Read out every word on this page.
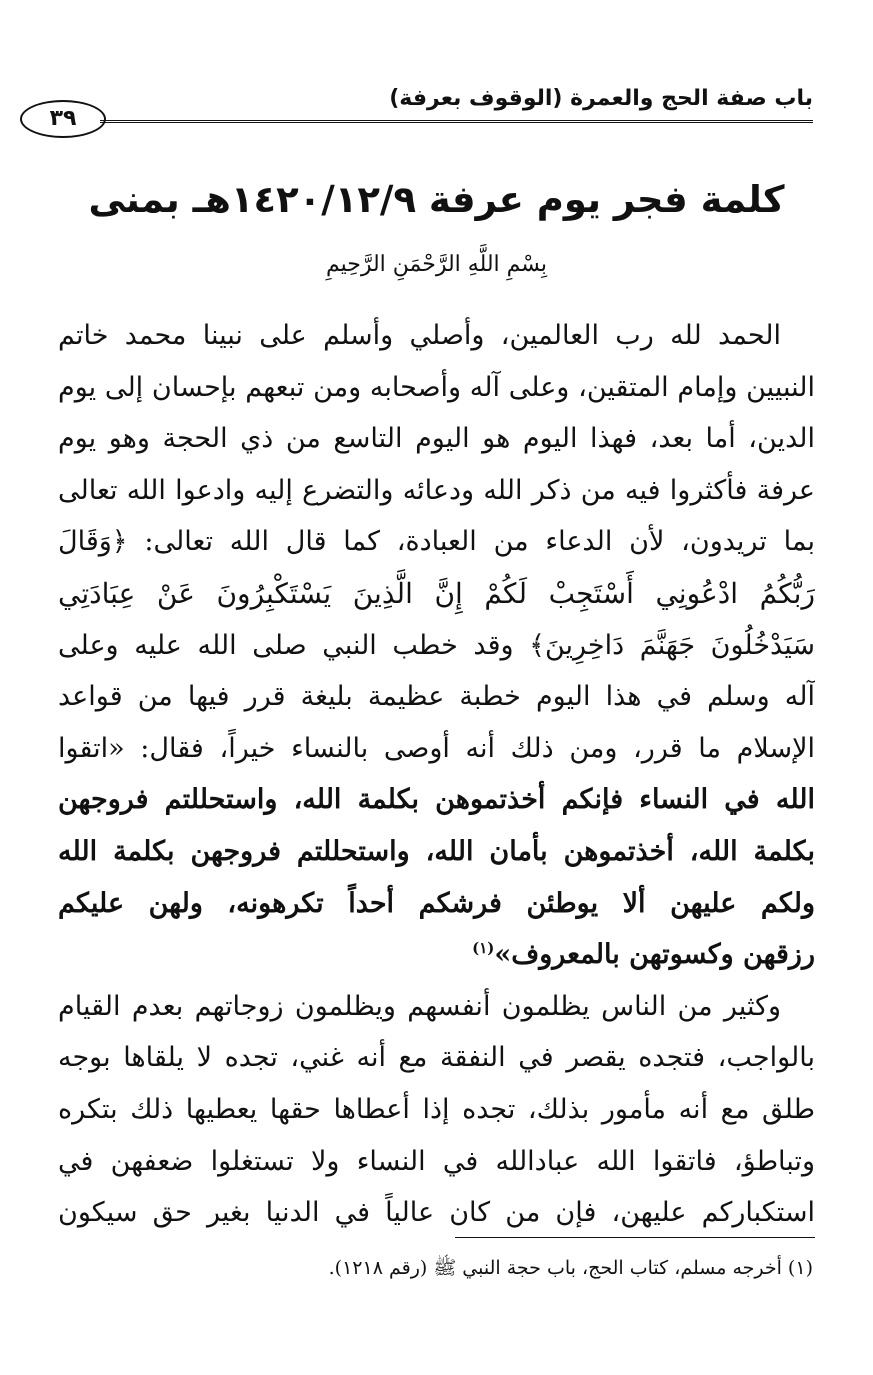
باب صفة الحج والعمرة (الوقوف بعرفة)
٣٩
كلمة فجر يوم عرفة ١٤٢٠/١٢/٩هـ بمنى
بِسْمِ اللَّهِ الرَّحْمَنِ الرَّحِيمِ
الحمد لله رب العالمين، وأصلي وأسلم على نبينا محمد خاتم
النبيين وإمام المتقين، وعلى آله وأصحابه ومن تبعهم بإحسان إلى يوم
الدين، أما بعد، فهذا اليوم هو اليوم التاسع من ذي الحجة وهو يوم
عرفة فأكثروا فيه من ذكر الله ودعائه والتضرع إليه وادعوا الله تعالى
بما تريدون، لأن الدعاء من العبادة، كما قال الله تعالى: ﴿وَقَالَ
رَبُّكُمُ ادْعُونِي أَسْتَجِبْ لَكُمْ إِنَّ الَّذِينَ يَسْتَكْبِرُونَ عَنْ عِبَادَتِي
سَيَدْخُلُونَ جَهَنَّمَ دَاخِرِينَ﴾ وقد خطب النبي صلى الله عليه وعلى
آله وسلم في هذا اليوم خطبة عظيمة بليغة قرر فيها من قواعد
الإسلام ما قرر، ومن ذلك أنه أوصى بالنساء خيراً، فقال: «اتقوا
الله في النساء فإنكم أخذتموهن بكلمة الله، واستحللتم فروجهن
بكلمة الله، أخذتموهن بأمان الله، واستحللتم فروجهن بكلمة الله
ولكم عليهن ألا يوطئن فرشكم أحداً تكرهونه، ولهن عليكم
رزقهن وكسوتهن بالمعروف»$^{(١)}$
وكثير من الناس يظلمون أنفسهم ويظلمون زوجاتهم بعدم القيام
بالواجب، فتجده يقصر في النفقة مع أنه غني، تجده لا يلقاها بوجه
طلق مع أنه مأمور بذلك، تجده إذا أعطاها حقها يعطيها ذلك بتكره
وتباطؤ، فاتقوا الله عبادالله في النساء ولا تستغلوا ضعفهن في
استكباركم عليهن، فإن من كان عالياً في الدنيا بغير حق سيكون
(١) أخرجه مسلم، كتاب الحج، باب حجة النبي ﷺ (رقم ١٢١٨).
